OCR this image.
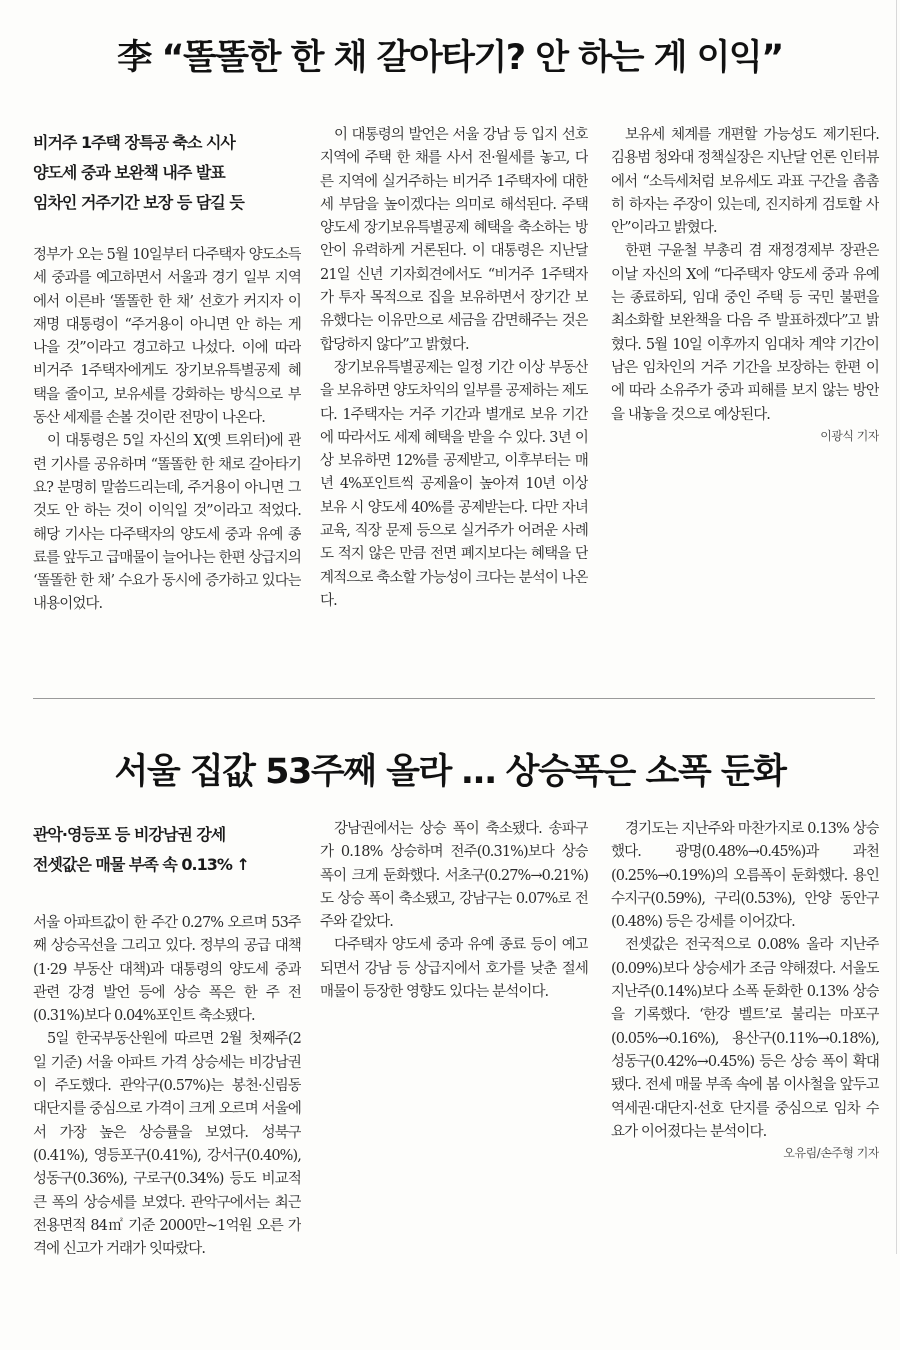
李 “똘똘한 한 채 갈아타기? 안 하는 게 이익”
비거주 1주택 장특공 축소 시사
양도세 중과 보완책 내주 발표
임차인 거주기간 보장 등 담길 듯

정부가 오는 5월 10일부터 다주택자 양도소득세 중과를 예고하면서 서울과 경기 일부 지역에서 이른바 ‘똘똘한 한 채’ 선호가 커지자 이재명 대통령이 “주거용이 아니면 안 하는 게 나을 것”이라고 경고하고 나섰다. 이에 따라 비거주 1주택자에게도 장기보유특별공제 혜택을 줄이고, 보유세를 강화하는 방식으로 부동산 세제를 손볼 것이란 전망이 나온다.

이 대통령은 5일 자신의 X(옛 트위터)에 관련 기사를 공유하며 “똘똘한 한 채로 갈아타기요? 분명히 말씀드리는데, 주거용이 아니면 그것도 안 하는 것이 이익일 것”이라고 적었다. 해당 기사는 다주택자의 양도세 중과 유예 종료를 앞두고 급매물이 늘어나는 한편 상급지의 ‘똘똘한 한 채’ 수요가 동시에 증가하고 있다는 내용이었다.

이 대통령의 발언은 서울 강남 등 입지 선호 지역에 주택 한 채를 사서 전·월세를 놓고, 다른 지역에 실거주하는 비거주 1주택자에 대한 세 부담을 높이겠다는 의미로 해석된다. 주택 양도세 장기보유특별공제 혜택을 축소하는 방안이 유력하게 거론된다. 이 대통령은 지난달 21일 신년 기자회견에서도 “비거주 1주택자가 투자 목적으로 집을 보유하면서 장기간 보유했다는 이유만으로 세금을 감면해주는 것은 합당하지 않다”고 밝혔다.

장기보유특별공제는 일정 기간 이상 부동산을 보유하면 양도차익의 일부를 공제하는 제도다. 1주택자는 거주 기간과 별개로 보유 기간에 따라서도 세제 혜택을 받을 수 있다. 3년 이상 보유하면 12%를 공제받고, 이후부터는 매년 4%포인트씩 공제율이 높아져 10년 이상 보유 시 양도세 40%를 공제받는다. 다만 자녀 교육, 직장 문제 등으로 실거주가 어려운 사례도 적지 않은 만큼 전면 폐지보다는 혜택을 단계적으로 축소할 가능성이 크다는 분석이 나온다.

보유세 체계를 개편할 가능성도 제기된다. 김용범 청와대 정책실장은 지난달 언론 인터뷰에서 “소득세처럼 보유세도 과표 구간을 촘촘히 하자는 주장이 있는데, 진지하게 검토할 사안”이라고 밝혔다.

한편 구윤철 부총리 겸 재정경제부 장관은 이날 자신의 X에 “다주택자 양도세 중과 유예는 종료하되, 임대 중인 주택 등 국민 불편을 최소화할 보완책을 다음 주 발표하겠다”고 밝혔다. 5월 10일 이후까지 임대차 계약 기간이 남은 임차인의 거주 기간을 보장하는 한편 이에 따라 소유주가 중과 피해를 보지 않는 방안을 내놓을 것으로 예상된다.

이광식 기자
서울 집값 53주째 올라 … 상승폭은 소폭 둔화
관악·영등포 등 비강남권 강세
전셋값은 매물 부족 속 0.13% ↑

서울 아파트값이 한 주간 0.27% 오르며 53주째 상승곡선을 그리고 있다. 정부의 공급 대책(1·29 부동산 대책)과 대통령의 양도세 중과 관련 강경 발언 등에 상승 폭은 한 주 전(0.31%)보다 0.04%포인트 축소됐다.

5일 한국부동산원에 따르면 2월 첫째주(2일 기준) 서울 아파트 가격 상승세는 비강남권이 주도했다. 관악구(0.57%)는 봉천·신림동 대단지를 중심으로 가격이 크게 오르며 서울에서 가장 높은 상승률을 보였다. 성북구(0.41%), 영등포구(0.41%), 강서구(0.40%), 성동구(0.36%), 구로구(0.34%) 등도 비교적 큰 폭의 상승세를 보였다. 관악구에서는 최근 전용면적 84㎡ 기준 2000만~1억원 오른 가격에 신고가 거래가 잇따랐다.

강남권에서는 상승 폭이 축소됐다. 송파구가 0.18% 상승하며 전주(0.31%)보다 상승 폭이 크게 둔화했다. 서초구(0.27%→0.21%)도 상승 폭이 축소됐고, 강남구는 0.07%로 전주와 같았다.

다주택자 양도세 중과 유예 종료 등이 예고되면서 강남 등 상급지에서 호가를 낮춘 절세 매물이 등장한 영향도 있다는 분석이다.

경기도는 지난주와 마찬가지로 0.13% 상승했다. 광명(0.48%→0.45%)과 과천(0.25%→0.19%)의 오름폭이 둔화했다. 용인 수지구(0.59%), 구리(0.53%), 안양 동안구(0.48%) 등은 강세를 이어갔다.

전셋값은 전국적으로 0.08% 올라 지난주(0.09%)보다 상승세가 조금 약해졌다. 서울도 지난주(0.14%)보다 소폭 둔화한 0.13% 상승을 기록했다. ‘한강 벨트’로 불리는 마포구(0.05%→0.16%), 용산구(0.11%→0.18%), 성동구(0.42%→0.45%) 등은 상승 폭이 확대됐다. 전세 매물 부족 속에 봄 이사철을 앞두고 역세권·대단지·선호 단지를 중심으로 임차 수요가 이어졌다는 분석이다.

오유림/손주형 기자
